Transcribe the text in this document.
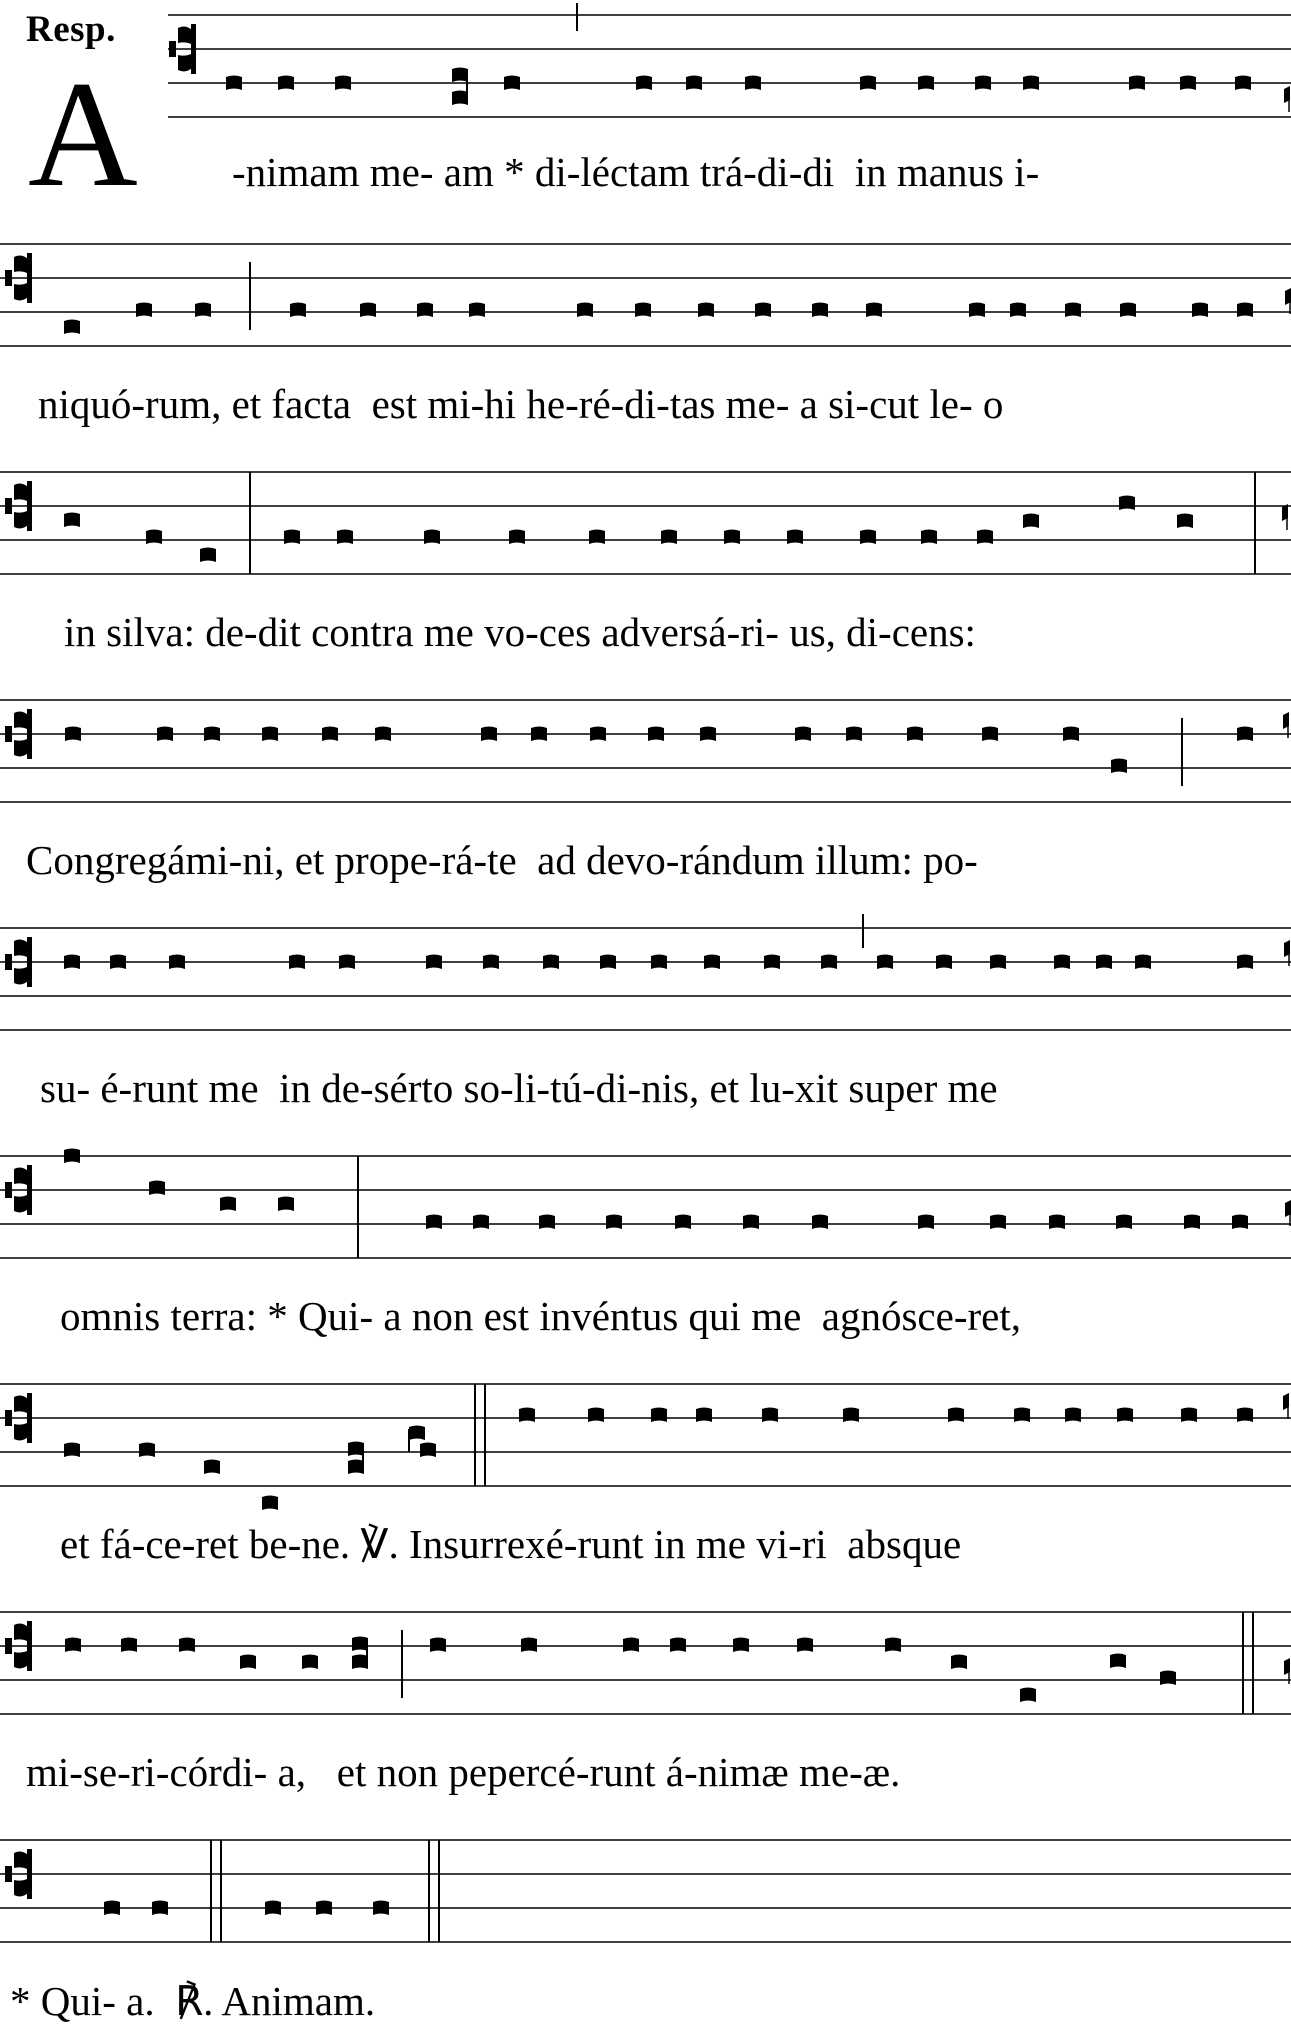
Resp.
A -nimam me- am * di-léctam trá-di-di  in manus i-
niquó-rum, et facta  est mi-hi he-ré-di-tas me- a si-cut le- o
in silva: de-dit contra me vo-ces adversá-ri- us, di-cens:
Congregámi-ni, et prope-rá-te  ad devo-rándum illum: po-
su- é-runt me  in de-sérto so-li-tú-di-nis, et lu-xit super me
omnis terra: * Qui- a non est invéntus qui me  agnósce-ret,
et fá-ce-ret be-ne. ℣. Insurrexé-runt in me vi-ri  absque
mi-se-ri-córdi- a,   et non pepercé-runt á-nimæ me-æ.
* Qui- a.  ℟. Animam.
